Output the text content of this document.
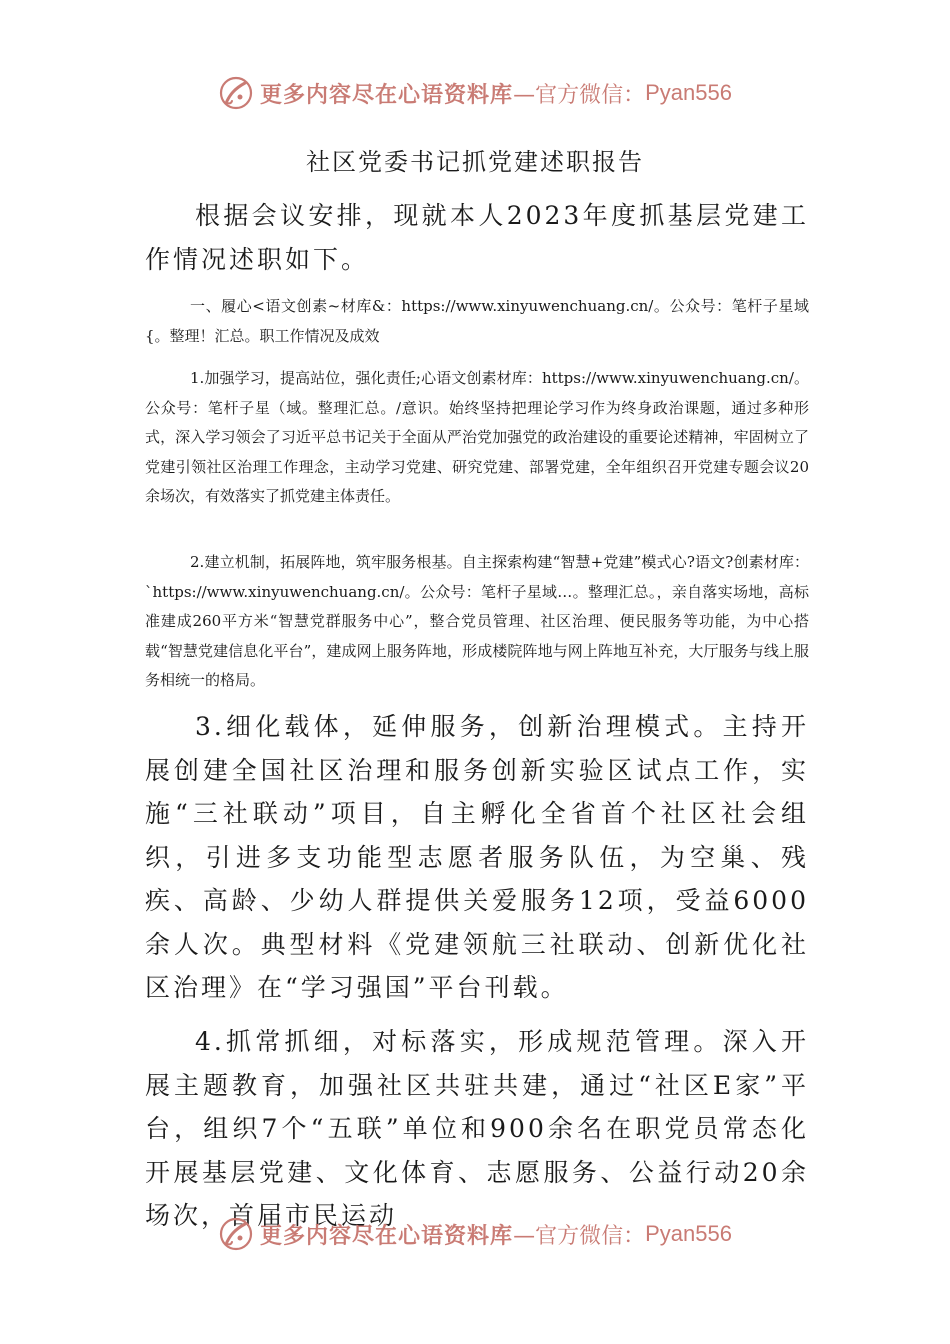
更多内容尽在心语资料库 —官方微信： Pyan556
社区党委书记抓党建述职报告

根据会议安排，现就本人2023年度抓基层党建工作情况述职如下。

一、履心<语文创素~材库&：https://www.xinyuwenchuang.cn/。公众号：笔杆子星域{。整理！汇总。职工作情况及成效

1.加强学习，提高站位，强化责任;心语文创素材库：https://www.xinyuwenchuang.cn/。公众号：笔杆子星（域。整理汇总。/意识。始终坚持把理论学习作为终身政治课题，通过多种形式，深入学习领会了习近平总书记关于全面从严治党加强党的政治建设的重要论述精神，牢固树立了党建引领社区治理工作理念，主动学习党建、研究党建、部署党建，全年组织召开党建专题会议20余场次，有效落实了抓党建主体责任。

2.建立机制，拓展阵地，筑牢服务根基。自主探索构建“智慧+党建”模式心?语文?创素材库：`https://www.xinyuwenchuang.cn/。公众号：笔杆子星域…。整理汇总。，亲自落实场地，高标准建成260平方米“智慧党群服务中心”，整合党员管理、社区治理、便民服务等功能，为中心搭载“智慧党建信息化平台”，建成网上服务阵地，形成楼院阵地与网上阵地互补充，大厅服务与线上服务相统一的格局。

3.细化载体，延伸服务，创新治理模式。主持开展创建全国社区治理和服务创新实验区试点工作，实施“三社联动”项目，自主孵化全省首个社区社会组织，引进多支功能型志愿者服务队伍，为空巢、残疾、高龄、少幼人群提供关爱服务12项，受益6000余人次。典型材料《党建领航三社联动、创新优化社区治理》在“学习强国”平台刊载。

4.抓常抓细，对标落实，形成规范管理。深入开展主题教育，加强社区共驻共建，通过“社区E家”平台，组织7个“五联”单位和900余名在职党员常态化开展基层党建、文化体育、志愿服务、公益行动20余场次，首届市民运动

更多内容尽在心语资料库 —官方微信： Pyan556
